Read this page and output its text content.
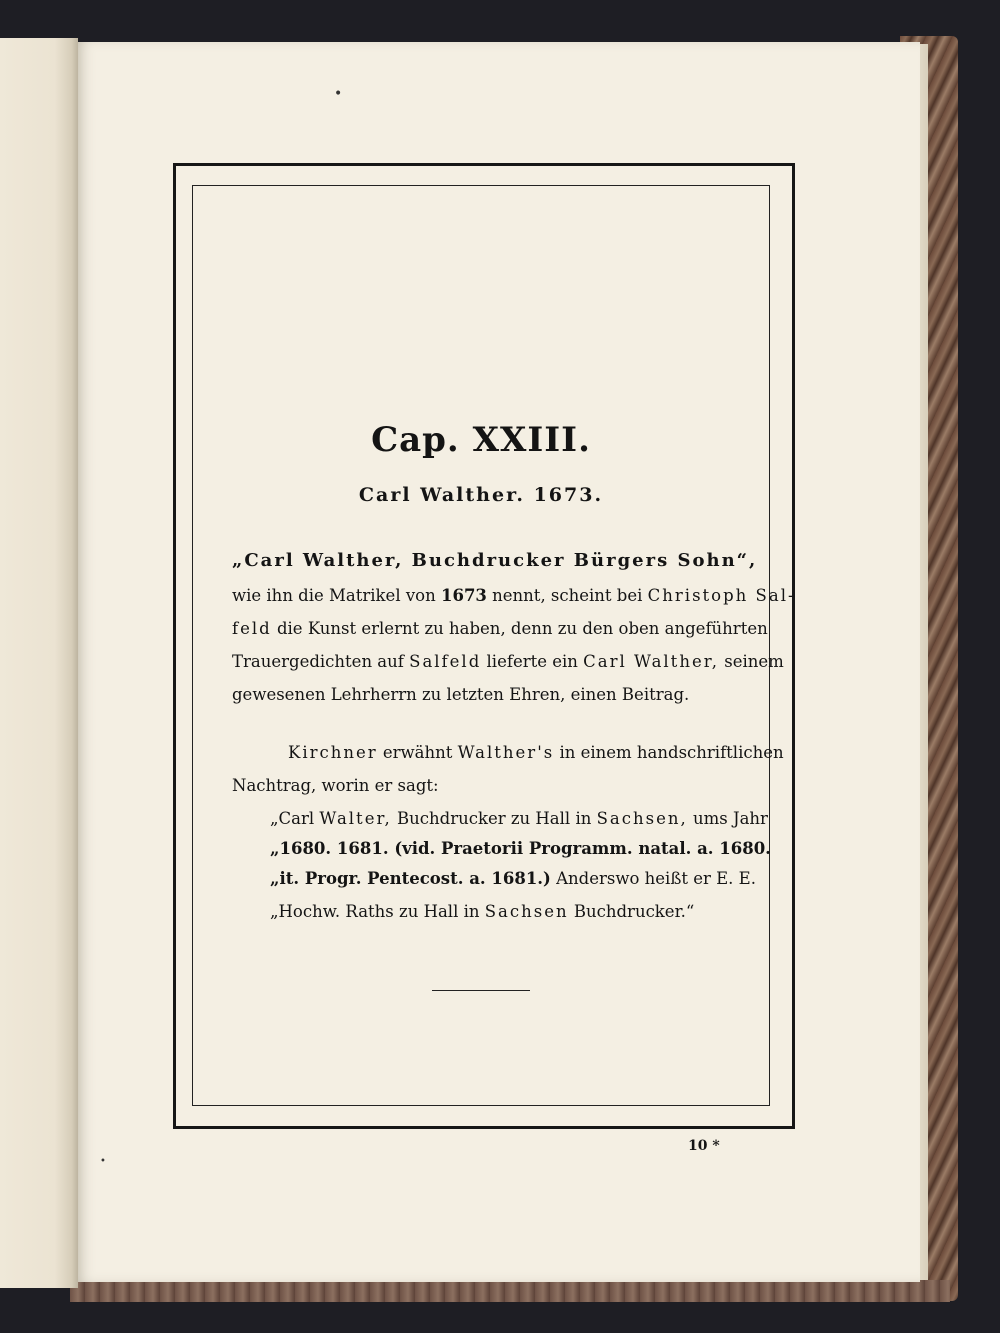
•
•
Cap. XXIII.
Carl Walther. 1673.
„Carl Walther, Buchdrucker Bürgers Sohn“,
wie ihn die Matrikel von 1673 nennt, scheint bei Christoph Sal-
feld die Kunst erlernt zu haben, denn zu den oben angeführten
Trauergedichten auf Salfeld lieferte ein Carl Walther, seinem
gewesenen Lehrherrn zu letzten Ehren, einen Beitrag.
Kirchner erwähnt Walther's in einem handschriftlichen
Nachtrag, worin er sagt:
„Carl Walter, Buchdrucker zu Hall in Sachsen, ums Jahr
„1680. 1681. (vid. Praetorii Programm. natal. a. 1680.
„it. Progr. Pentecost. a. 1681.) Anderswo heißt er E. E.
„Hochw. Raths zu Hall in Sachsen Buchdrucker.“
10 *
